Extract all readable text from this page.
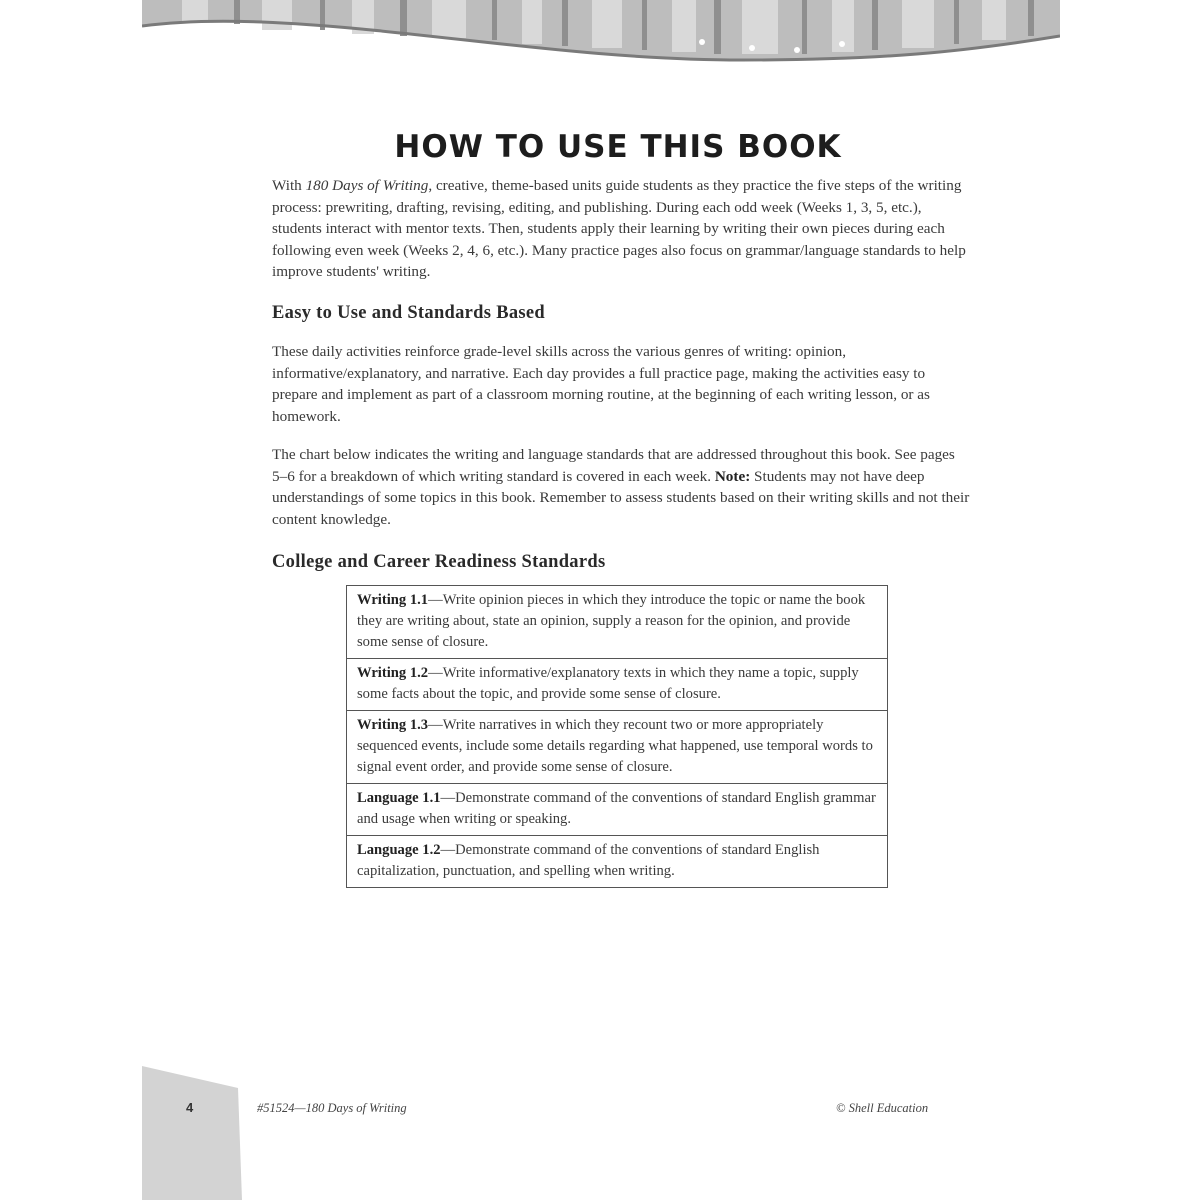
HOW TO USE THIS BOOK

With 180 Days of Writing, creative, theme-based units guide students as they practice the five steps of the writing process: prewriting, drafting, revising, editing, and publishing. During each odd week (Weeks 1, 3, 5, etc.), students interact with mentor texts. Then, students apply their learning by writing their own pieces during each following even week (Weeks 2, 4, 6, etc.). Many practice pages also focus on grammar/language standards to help improve students' writing.

Easy to Use and Standards Based

These daily activities reinforce grade-level skills across the various genres of writing: opinion, informative/explanatory, and narrative. Each day provides a full practice page, making the activities easy to prepare and implement as part of a classroom morning routine, at the beginning of each writing lesson, or as homework.

The chart below indicates the writing and language standards that are addressed throughout this book. See pages 5–6 for a breakdown of which writing standard is covered in each week. Note: Students may not have deep understandings of some topics in this book. Remember to assess students based on their writing skills and not their content knowledge.

College and Career Readiness Standards
Writing 1.1—Write opinion pieces in which they introduce the topic or name the book they are writing about, state an opinion, supply a reason for the opinion, and provide some sense of closure.
Writing 1.2—Write informative/explanatory texts in which they name a topic, supply some facts about the topic, and provide some sense of closure.
Writing 1.3—Write narratives in which they recount two or more appropriately sequenced events, include some details regarding what happened, use temporal words to signal event order, and provide some sense of closure.
Language 1.1—Demonstrate command of the conventions of standard English grammar and usage when writing or speaking.
Language 1.2—Demonstrate command of the conventions of standard English capitalization, punctuation, and spelling when writing.
4	#51524—180 Days of Writing	© Shell Education
